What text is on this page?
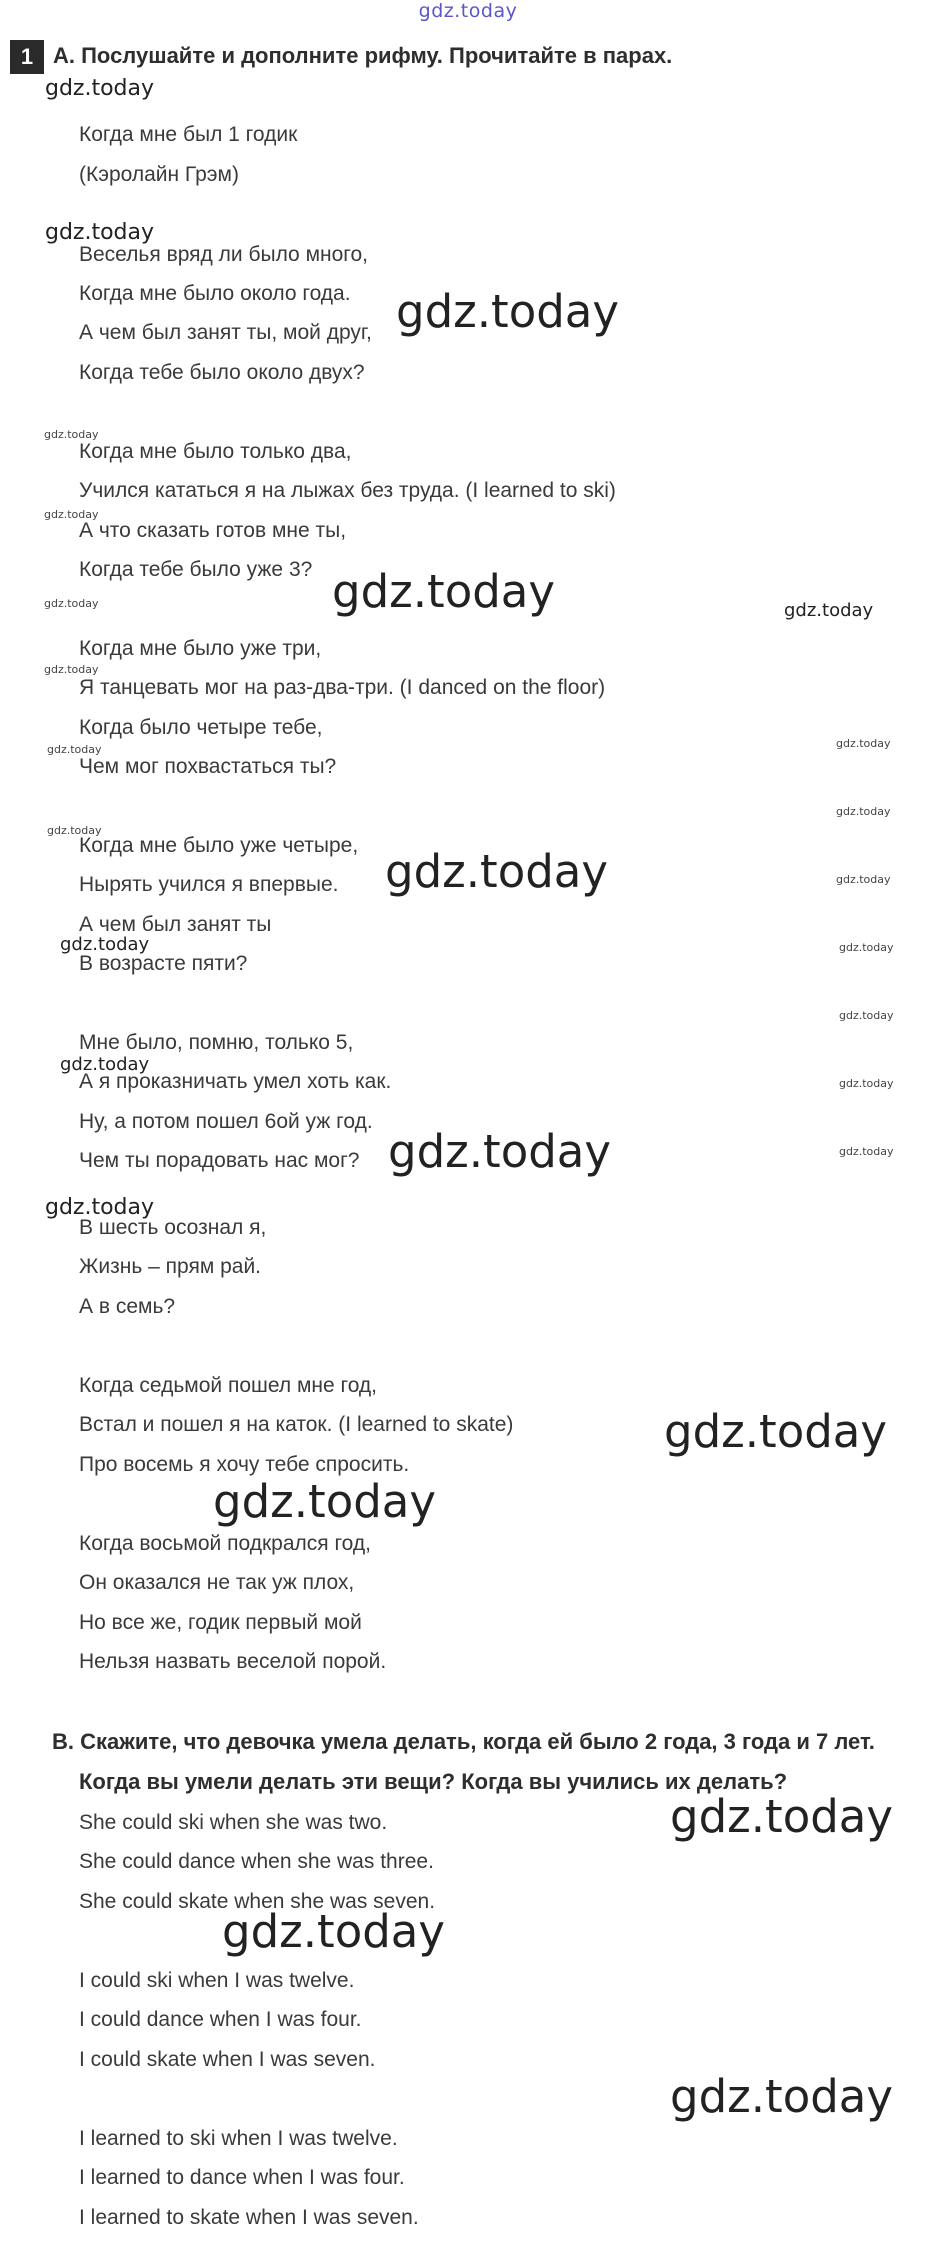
gdz.today
1 A. Послушайте и дополните рифму. Прочитайте в парах.
Когда мне был 1 годик
(Кэролайн Грэм)
Веселья вряд ли было много,
Когда мне было около года.
А чем был занят ты, мой друг,
Когда тебе было около двух?
Когда мне было только два,
Учился кататься я на лыжах без труда. (I learned to ski)
А что сказать готов мне ты,
Когда тебе было уже 3?
Когда мне было уже три,
Я танцевать мог на раз-два-три. (I danced on the floor)
Когда было четыре тебе,
Чем мог похвастаться ты?
Когда мне было уже четыре,
Нырять учился я впервые.
А чем был занят ты
В возрасте пяти?
Мне было, помню, только 5,
А я проказничать умел хоть как.
Ну, а потом пошел 6ой уж год.
Чем ты порадовать нас мог?
В шесть осознал я,
Жизнь – прям рай.
А в семь?
Когда седьмой пошел мне год,
Встал и пошел я на каток. (I learned to skate)
Про восемь я хочу тебе спросить.
Когда восьмой подкрался год,
Он оказался не так уж плох,
Но все же, годик первый мой
Нельзя назвать веселой порой.
B. Скажите, что девочка умела делать, когда ей было 2 года, 3 года и 7 лет.
Когда вы умели делать эти вещи? Когда вы учились их делать?
She could ski when she was two.
She could dance when she was three.
She could skate when she was seven.
I could ski when I was twelve.
I could dance when I was four.
I could skate when I was seven.
I learned to ski when I was twelve.
I learned to dance when I was four.
I learned to skate when I was seven.
gdz.today
gdz.today
gdz.today
gdz.today
gdz.today
gdz.today
gdz.today
gdz.today
gdz.today
gdz.today
gdz.today
gdz.today
gdz.today
gdz.today
gdz.today
gdz.today
gdz.today
gdz.today
gdz.today
gdz.today
gdz.today
gdz.today
gdz.today
gdz.today
gdz.today
gdz.today
gdz.today
gdz.today
